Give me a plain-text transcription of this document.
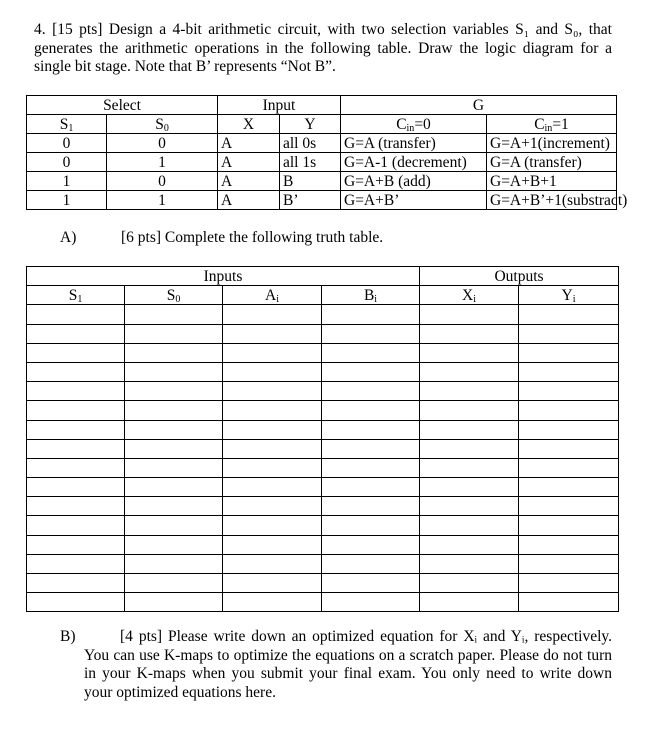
4. [15 pts] Design a 4-bit arithmetic circuit, with two selection variables S₁ and S₀, that generates the arithmetic operations in the following table. Draw the logic diagram for a single bit stage. Note that B’ represents “Not B”.
Select		Input		G	
$S_1$	$S_0$	X	Y	$C_{in}=0$	$C_{in}=1$
0	0	A	all 0s	G=A (transfer)	G=A+1(increment)
0	1	A	all 1s	G=A-1 (decrement)	G=A (transfer)
1	0	A	B	G=A+B (add)	G=A+B+1
1	1	A	B’	G=A+B’	G=A+B’+1(substract)
A)	[6 pts] Complete the following truth table.
Inputs				Outputs	
$S_1$	$S_0$	$A_i$	$B_i$	$X_i$	$Y_i$

B)	[4 pts] Please write down an optimized equation for Xᵢ and Yᵢ, respectively. You can use K-maps to optimize the equations on a scratch paper. Please do not turn in your K-maps when you submit your final exam. You only need to write down your optimized equations here.
